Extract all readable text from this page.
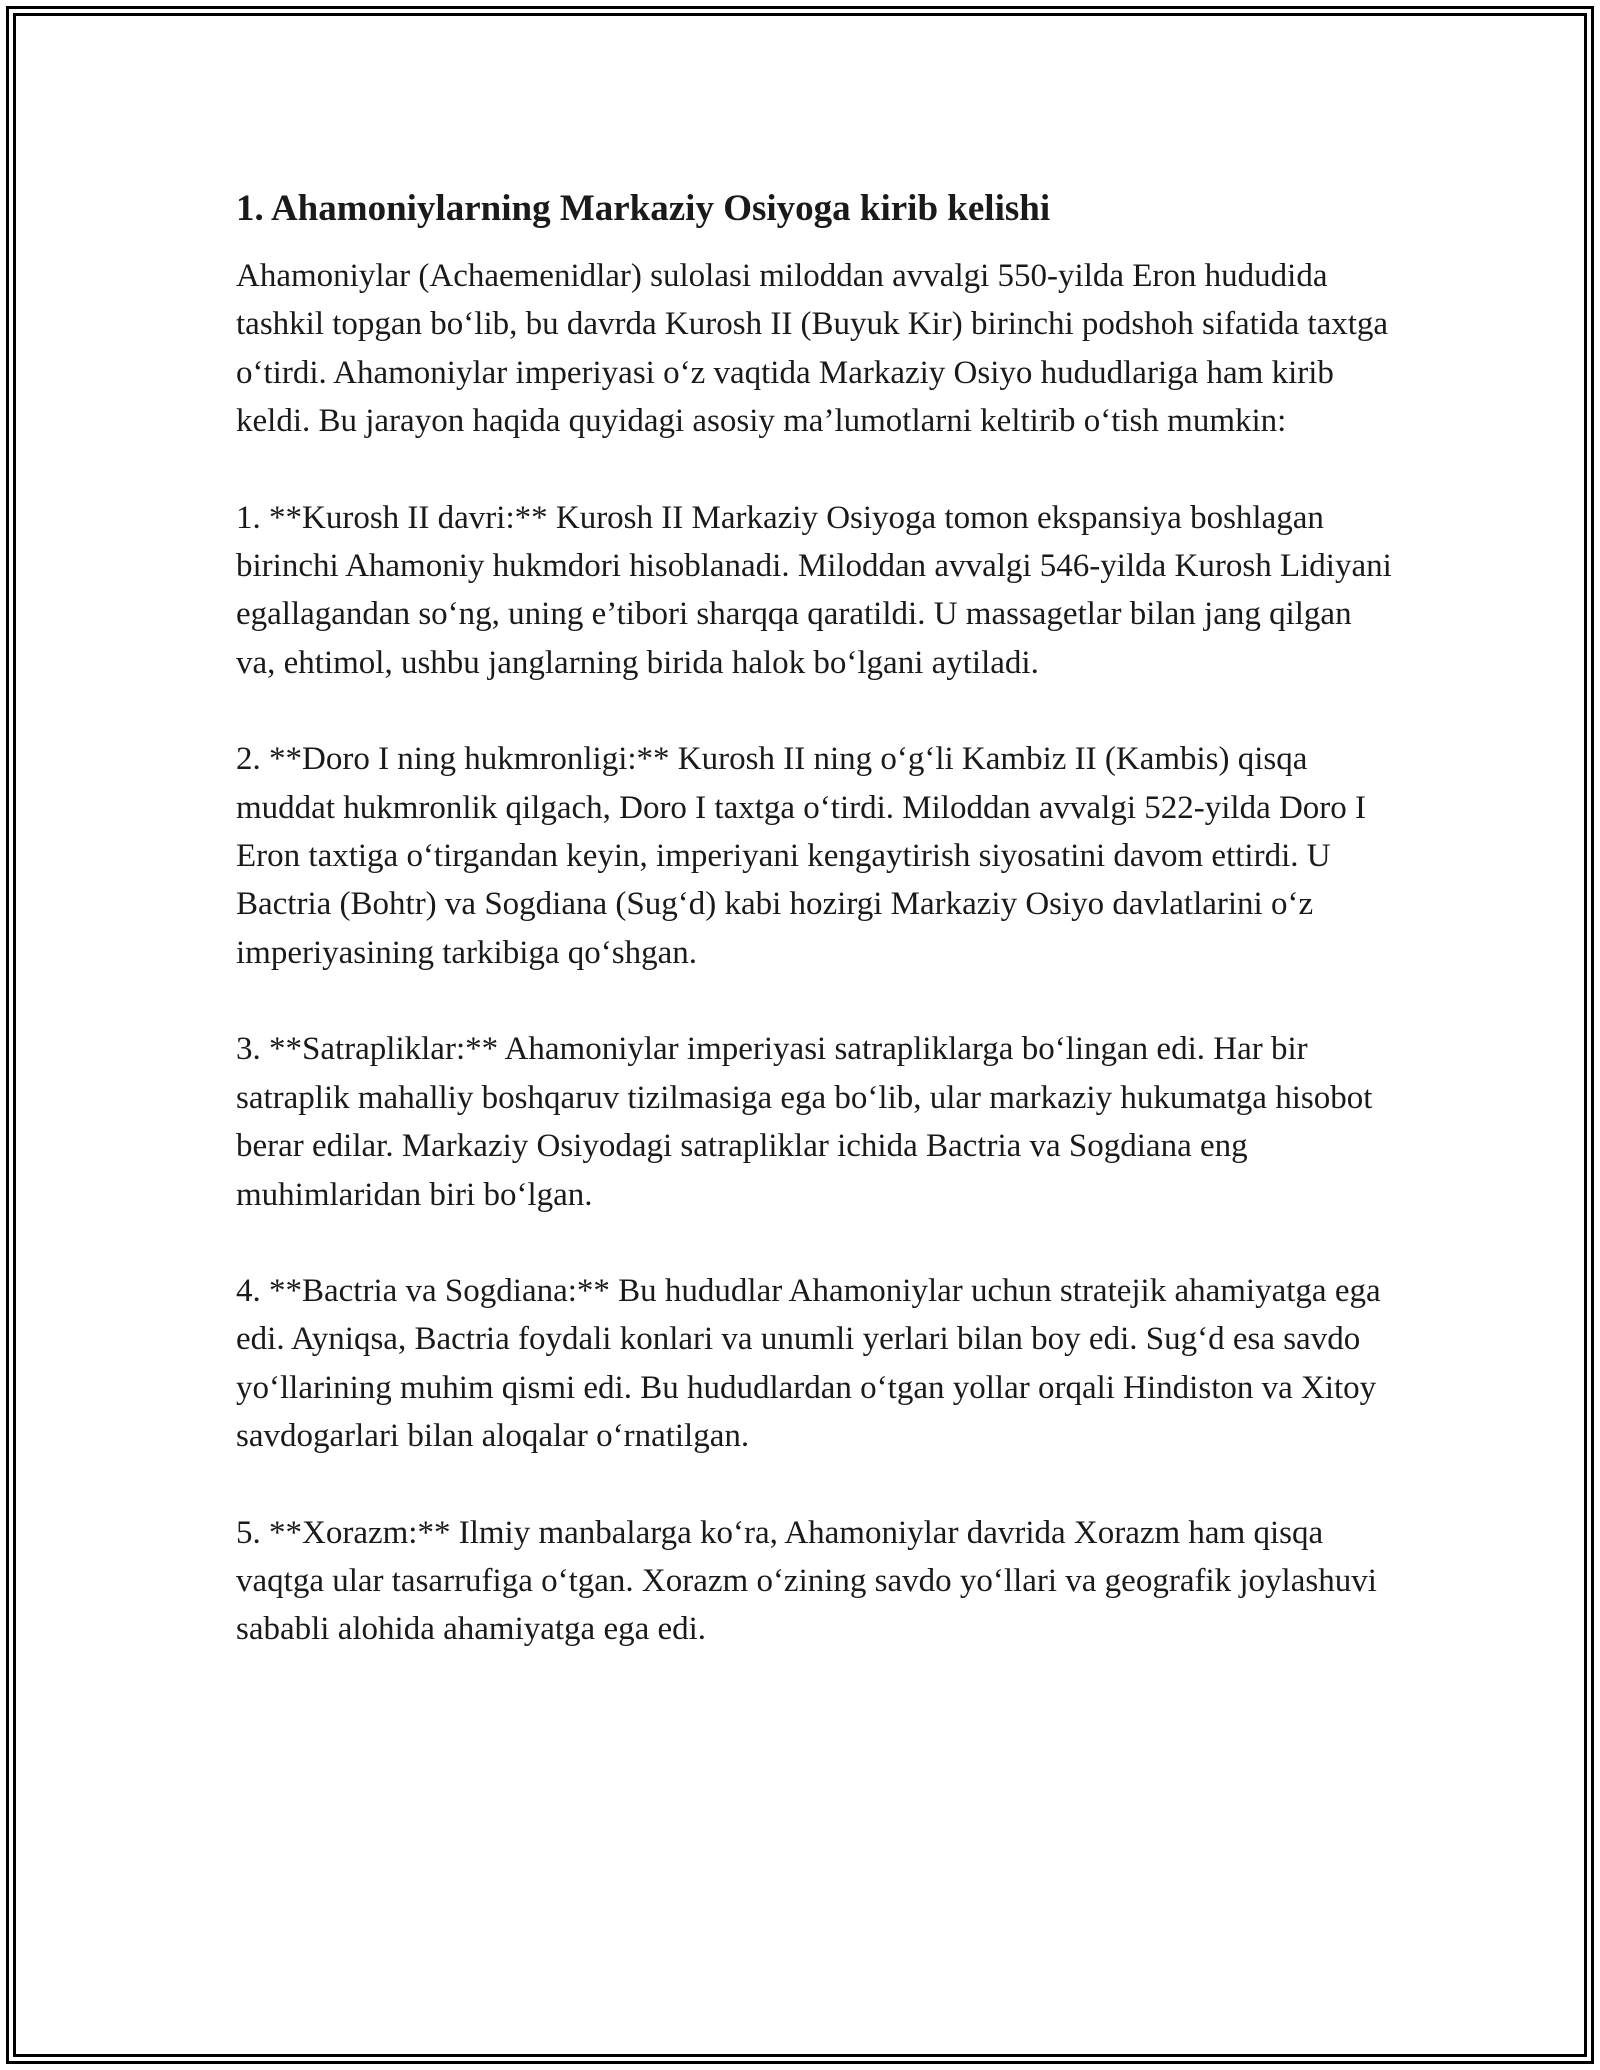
1. Ahamoniylarning Markaziy Osiyoga kirib kelishi

Ahamoniylar (Achaemenidlar) sulolasi miloddan avvalgi 550-yilda Eron hududida tashkil topgan bo‘lib, bu davrda Kurosh II (Buyuk Kir) birinchi podshoh sifatida taxtga o‘tirdi. Ahamoniylar imperiyasi o‘z vaqtida Markaziy Osiyo hududlariga ham kirib keldi. Bu jarayon haqida quyidagi asosiy ma’lumotlarni keltirib o‘tish mumkin:

1. **Kurosh II davri:** Kurosh II Markaziy Osiyoga tomon ekspansiya boshlagan birinchi Ahamoniy hukmdori hisoblanadi. Miloddan avvalgi 546-yilda Kurosh Lidiyani egallagandan so‘ng, uning e’tibori sharqqa qaratildi. U massagetlar bilan jang qilgan va, ehtimol, ushbu janglarning birida halok bo‘lgani aytiladi.

2. **Doro I ning hukmronligi:** Kurosh II ning o‘g‘li Kambiz II (Kambis) qisqa muddat hukmronlik qilgach, Doro I taxtga o‘tirdi. Miloddan avvalgi 522-yilda Doro I Eron taxtiga o‘tirgandan keyin, imperiyani kengaytirish siyosatini davom ettirdi. U Bactria (Bohtr) va Sogdiana (Sug‘d) kabi hozirgi Markaziy Osiyo davlatlarini o‘z imperiyasining tarkibiga qo‘shgan.

3. **Satrapliklar:** Ahamoniylar imperiyasi satrapliklarga bo‘lingan edi. Har bir satraplik mahalliy boshqaruv tizilmasiga ega bo‘lib, ular markaziy hukumatga hisobot berar edilar. Markaziy Osiyodagi satrapliklar ichida Bactria va Sogdiana eng muhimlaridan biri bo‘lgan.

4. **Bactria va Sogdiana:** Bu hududlar Ahamoniylar uchun stratejik ahamiyatga ega edi. Ayniqsa, Bactria foydali konlari va unumli yerlari bilan boy edi. Sug‘d esa savdo yo‘llarining muhim qismi edi. Bu hududlardan o‘tgan yollar orqali Hindiston va Xitoy savdogarlari bilan aloqalar o‘rnatilgan.

5. **Xorazm:** Ilmiy manbalarga ko‘ra, Ahamoniylar davrida Xorazm ham qisqa vaqtga ular tasarrufiga o‘tgan. Xorazm o‘zining savdo yo‘llari va geografik joylashuvi sababli alohida ahamiyatga ega edi.
